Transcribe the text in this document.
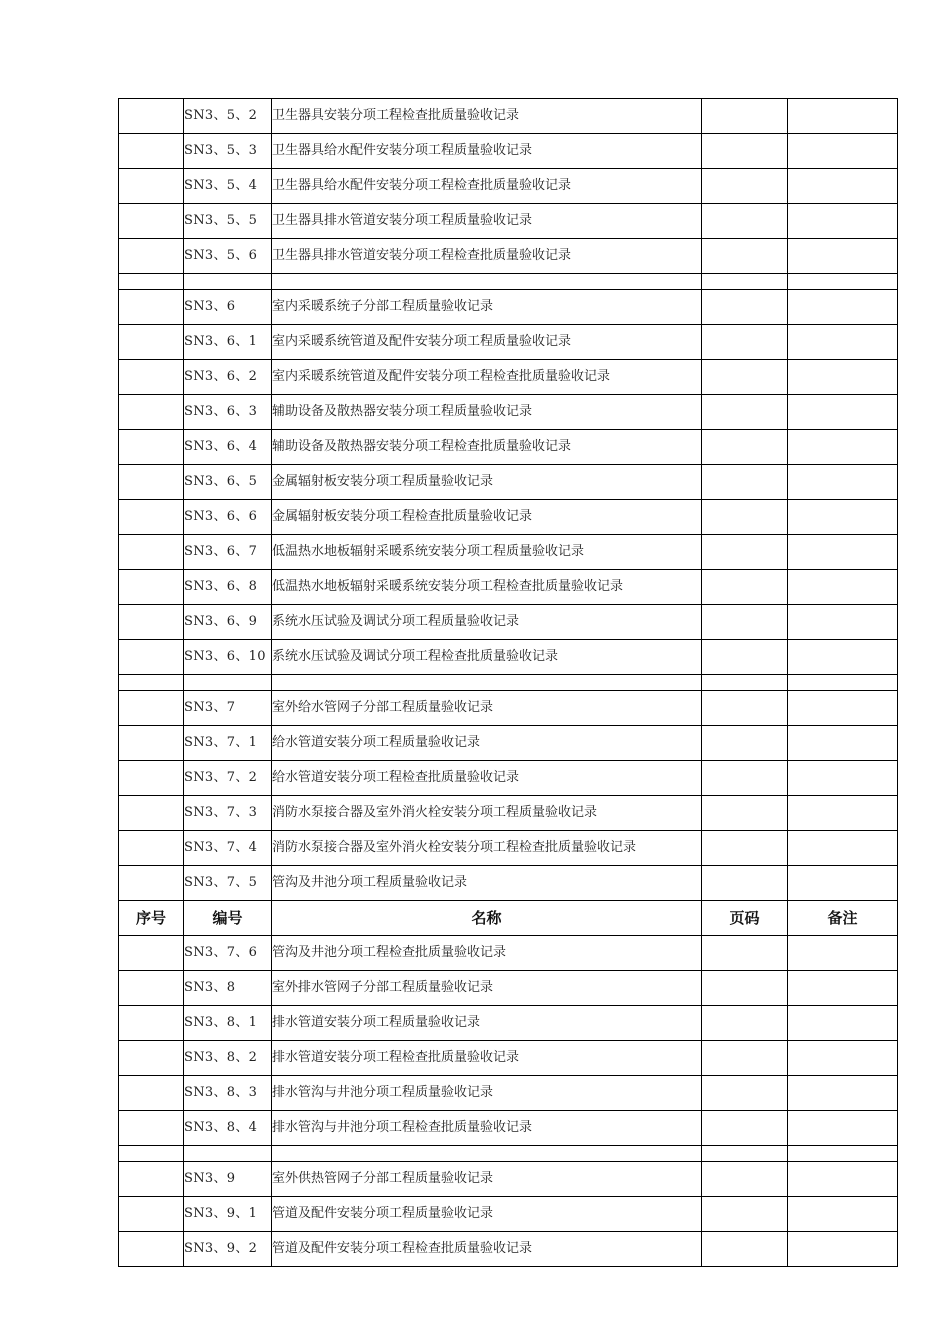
	SN3、5、2	卫生器具安装分项工程检查批质量验收记录		
	SN3、5、3	卫生器具给水配件安装分项工程质量验收记录		
	SN3、5、4	卫生器具给水配件安装分项工程检查批质量验收记录		
	SN3、5、5	卫生器具排水管道安装分项工程质量验收记录		
	SN3、5、6	卫生器具排水管道安装分项工程检查批质量验收记录		

	SN3、6	室内采暖系统子分部工程质量验收记录		
	SN3、6、1	室内采暖系统管道及配件安装分项工程质量验收记录		
	SN3、6、2	室内采暖系统管道及配件安装分项工程检查批质量验收记录		
	SN3、6、3	辅助设备及散热器安装分项工程质量验收记录		
	SN3、6、4	辅助设备及散热器安装分项工程检查批质量验收记录		
	SN3、6、5	金属辐射板安装分项工程质量验收记录		
	SN3、6、6	金属辐射板安装分项工程检查批质量验收记录		
	SN3、6、7	低温热水地板辐射采暖系统安装分项工程质量验收记录		
	SN3、6、8	低温热水地板辐射采暖系统安装分项工程检查批质量验收记录		
	SN3、6、9	系统水压试验及调试分项工程质量验收记录		
	SN3、6、10	系统水压试验及调试分项工程检查批质量验收记录		

	SN3、7	室外给水管网子分部工程质量验收记录		
	SN3、7、1	给水管道安装分项工程质量验收记录		
	SN3、7、2	给水管道安装分项工程检查批质量验收记录		
	SN3、7、3	消防水泵接合器及室外消火栓安装分项工程质量验收记录		
	SN3、7、4	消防水泵接合器及室外消火栓安装分项工程检查批质量验收记录		
	SN3、7、5	管沟及井池分项工程质量验收记录		
序号	编号	名称	页码	备注
	SN3、7、6	管沟及井池分项工程检查批质量验收记录		
	SN3、8	室外排水管网子分部工程质量验收记录		
	SN3、8、1	排水管道安装分项工程质量验收记录		
	SN3、8、2	排水管道安装分项工程检查批质量验收记录		
	SN3、8、3	排水管沟与井池分项工程质量验收记录		
	SN3、8、4	排水管沟与井池分项工程检查批质量验收记录		

	SN3、9	室外供热管网子分部工程质量验收记录		
	SN3、9、1	管道及配件安装分项工程质量验收记录		
	SN3、9、2	管道及配件安装分项工程检查批质量验收记录		
